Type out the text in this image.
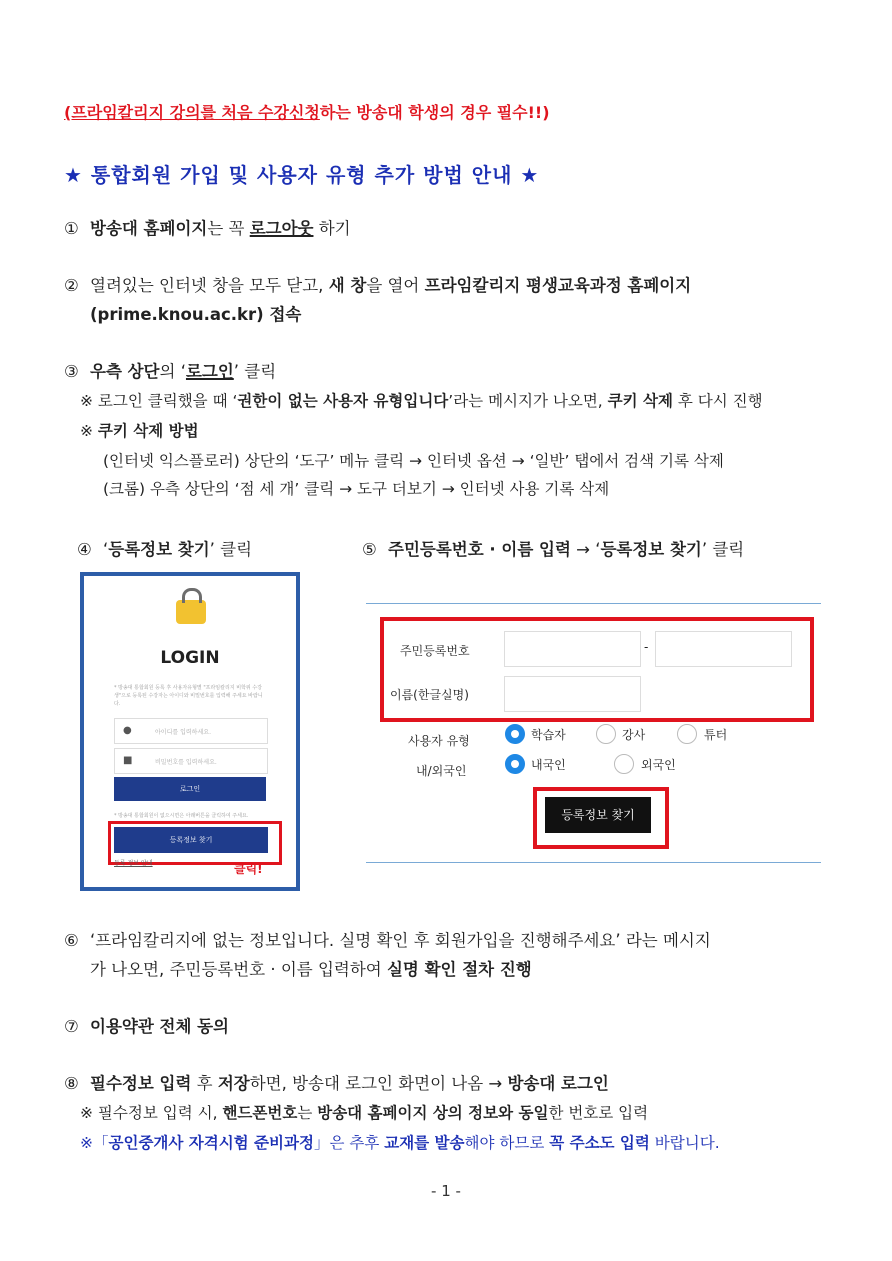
(프라임칼리지 강의를 처음 수강신청하는 방송대 학생의 경우 필수!!)
★ 통합회원 가입 및 사용자 유형 추가 방법 안내 ★
① 방송대 홈페이지는 꼭 로그아웃 하기
② 열려있는 인터넷 창을 모두 닫고, 새 창을 열어 프라임칼리지 평생교육과정 홈페이지
(prime.knou.ac.kr) 접속
③ 우측 상단의 ‘로그인’ 클릭
※ 로그인 클릭했을 때 ‘권한이 없는 사용자 유형입니다’라는 메시지가 나오면, 쿠키 삭제 후 다시 진행
※ 쿠키 삭제 방법
(인터넷 익스플로러) 상단의 ‘도구’ 메뉴 클릭 → 인터넷 옵션 → ‘일반’ 탭에서 검색 기록 삭제
(크롬) 우측 상단의 ‘점 세 개’ 클릭 → 도구 더보기 → 인터넷 사용 기록 삭제
④ ‘등록정보 찾기’ 클릭	⑤ 주민등록번호 · 이름 입력 → ‘등록정보 찾기’ 클릭
LOGIN
* 방송대 통합회원 등록 후 사용자유형별 "프라임칼리지 비학위 수강생"으로 등록된 수강자는 아이디와 비밀번호를 입력해 주세요 바랍니다.
●	아이디를 입력하세요.
■	비밀번호를 입력하세요.
로그인
* 방송대 통합회원이 없으시면은 아래버튼을 클릭하여 주세요.
등록정보 찾기
등록 정보 안내	클릭!
주민등록번호	-
이름(한글실명)
사용자 유형	학습자	강사	튜터
내/외국인	내국인	외국인
등록정보 찾기
⑥ ‘프라임칼리지에 없는 정보입니다. 실명 확인 후 회원가입을 진행해주세요’ 라는 메시지
가 나오면, 주민등록번호 · 이름 입력하여 실명 확인 절차 진행
⑦ 이용약관 전체 동의
⑧ 필수정보 입력 후 저장하면, 방송대 로그인 화면이 나옴 → 방송대 로그인
※ 필수정보 입력 시, 핸드폰번호는 방송대 홈페이지 상의 정보와 동일한 번호로 입력
※「공인중개사 자격시험 준비과정」은 추후 교재를 발송해야 하므로 꼭 주소도 입력 바랍니다.
- 1 -
